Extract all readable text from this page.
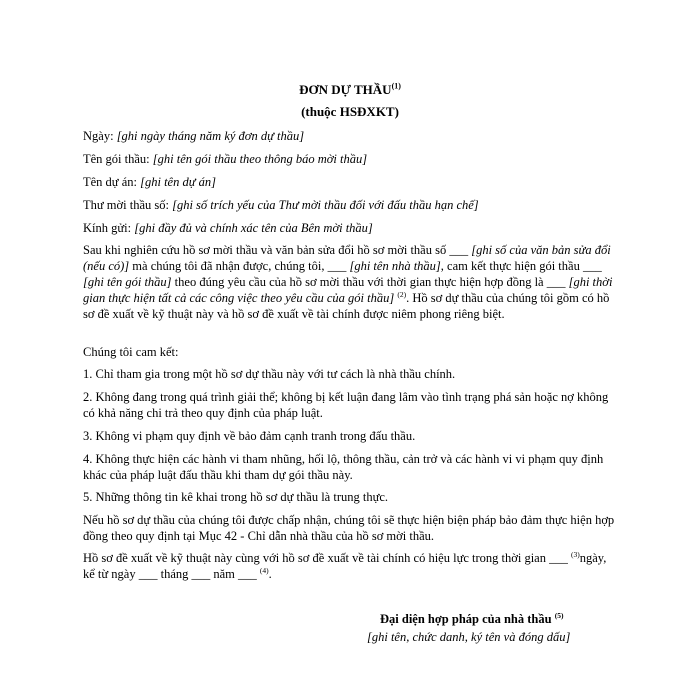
ĐƠN DỰ THẦU$^{(1)}$
(thuộc HSĐXKT)
Ngày: [ghi ngày tháng năm ký đơn dự thầu]
Tên gói thầu: [ghi tên gói thầu theo thông báo mời thầu]
Tên dự án: [ghi tên dự án]
Thư mời thầu số: [ghi số trích yếu của Thư mời thầu đối với đấu thầu hạn chế]
Kính gửi: [ghi đầy đủ và chính xác tên của Bên mời thầu]
Sau khi nghiên cứu hồ sơ mời thầu và văn bản sửa đổi hồ sơ mời thầu số ___ [ghi số của văn bản sửa đổi (nếu có)] mà chúng tôi đã nhận được, chúng tôi, ___ [ghi tên nhà thầu], cam kết thực hiện gói thầu ___ [ghi tên gói thầu] theo đúng yêu cầu của hồ sơ mời thầu với thời gian thực hiện hợp đồng là ___ [ghi thời gian thực hiện tất cả các công việc theo yêu cầu của gói thầu] $^{(2)}$. Hồ sơ dự thầu của chúng tôi gồm có hồ sơ đề xuất về kỹ thuật này và hồ sơ đề xuất về tài chính được niêm phong riêng biệt.
Chúng tôi cam kết:
1. Chỉ tham gia trong một hồ sơ dự thầu này với tư cách là nhà thầu chính.
2. Không đang trong quá trình giải thể; không bị kết luận đang lâm vào tình trạng phá sản hoặc nợ không có khả năng chi trả theo quy định của pháp luật.
3. Không vi phạm quy định về bảo đảm cạnh tranh trong đấu thầu.
4. Không thực hiện các hành vi tham nhũng, hối lộ, thông thầu, cản trở và các hành vi vi phạm quy định khác của pháp luật đấu thầu khi tham dự gói thầu này.
5. Những thông tin kê khai trong hồ sơ dự thầu là trung thực.
Nếu hồ sơ dự thầu của chúng tôi được chấp nhận, chúng tôi sẽ thực hiện biện pháp bảo đảm thực hiện hợp đồng theo quy định tại Mục 42 - Chỉ dẫn nhà thầu của hồ sơ mời thầu.
Hồ sơ đề xuất về kỹ thuật này cùng với hồ sơ đề xuất về tài chính có hiệu lực trong thời gian ___ $^{(3)}$ngày, kể từ ngày ___ tháng ___ năm ___ $^{(4)}$.
Đại diện hợp pháp của nhà thầu $^{(5)}$
[ghi tên, chức danh, ký tên và đóng dấu]
